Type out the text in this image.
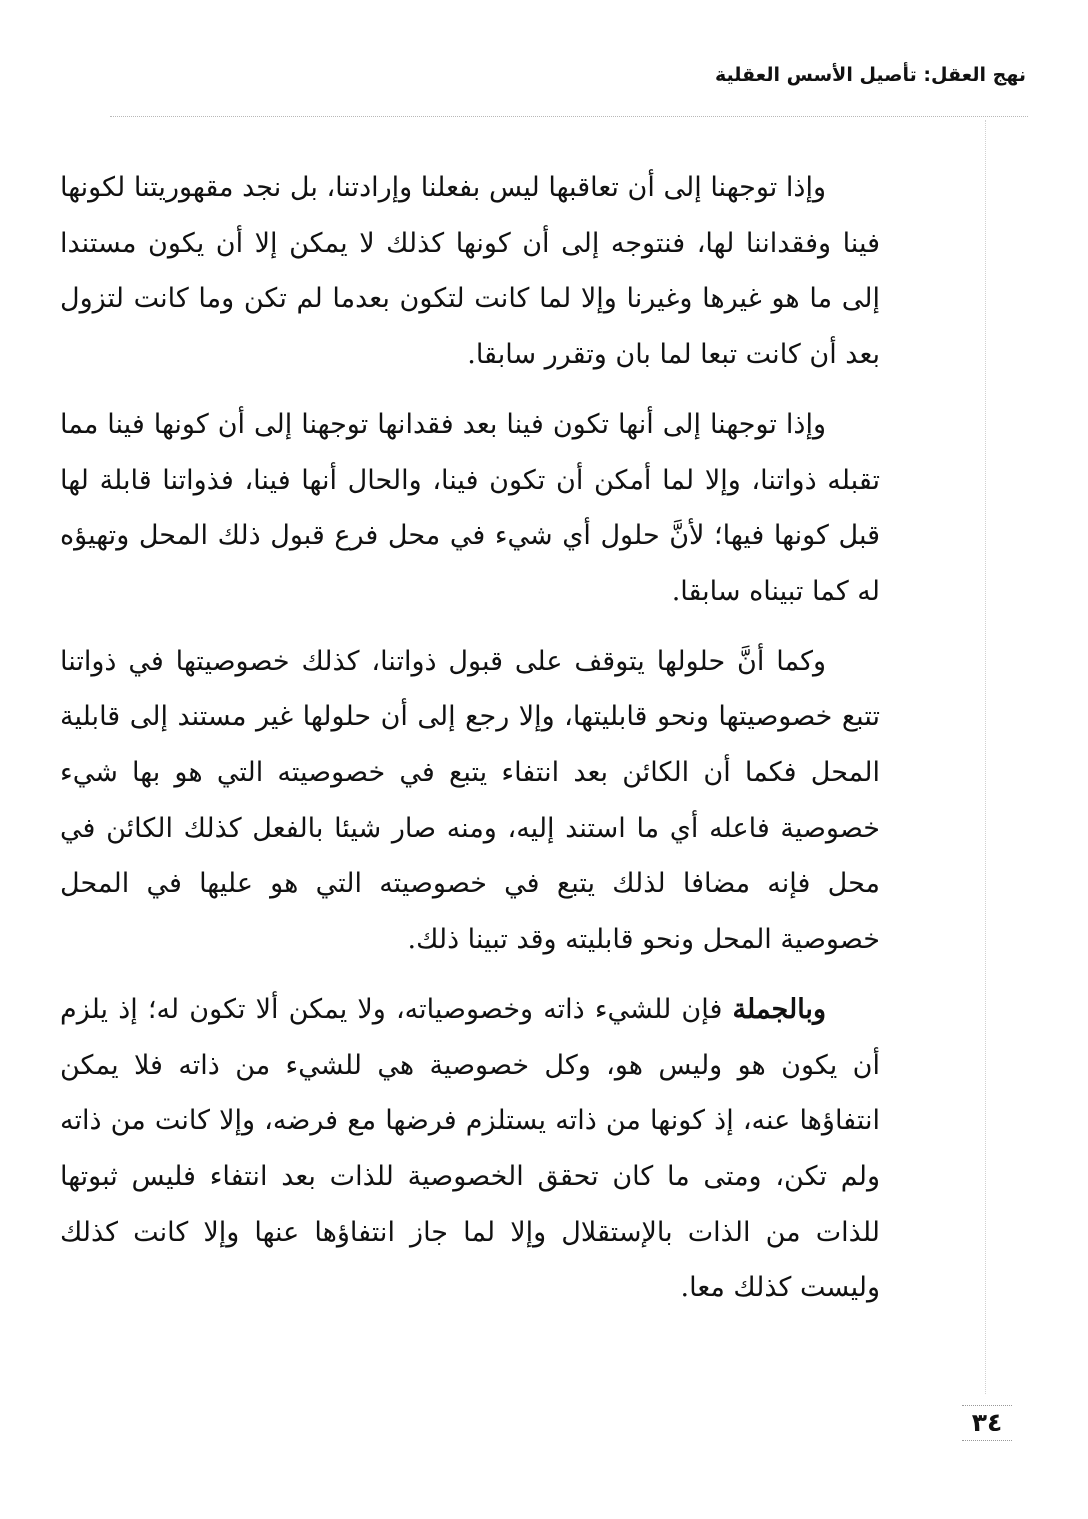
نهج العقل: تأصيل الأسس العقلية

وإذا توجهنا إلى أن تعاقبها ليس بفعلنا وإرادتنا، بل نجد مقهوريتنا لكونها فينا وفقداننا لها، فنتوجه إلى أن كونها كذلك لا يمكن إلا أن يكون مستندا إلى ما هو غيرها وغيرنا وإلا لما كانت لتكون بعدما لم تكن وما كانت لتزول بعد أن كانت تبعا لما بان وتقرر سابقا.

وإذا توجهنا إلى أنها تكون فينا بعد فقدانها توجهنا إلى أن كونها فينا مما تقبله ذواتنا، وإلا لما أمكن أن تكون فينا، والحال أنها فينا، فذواتنا قابلة لها قبل كونها فيها؛ لأنَّ حلول أي شيء في محل فرع قبول ذلك المحل وتهيؤه له كما تبيناه سابقا.

وكما أنَّ حلولها يتوقف على قبول ذواتنا، كذلك خصوصيتها في ذواتنا تتبع خصوصيتها ونحو قابليتها، وإلا رجع إلى أن حلولها غير مستند إلى قابلية المحل فكما أن الكائن بعد انتفاء يتبع في خصوصيته التي هو بها شيء خصوصية فاعله أي ما استند إليه، ومنه صار شيئا بالفعل كذلك الكائن في محل فإنه مضافا لذلك يتبع في خصوصيته التي هو عليها في المحل خصوصية المحل ونحو قابليته وقد تبينا ذلك.

وبالجملة فإن للشيء ذاته وخصوصياته، ولا يمكن ألا تكون له؛ إذ يلزم أن يكون هو وليس هو، وكل خصوصية هي للشيء من ذاته فلا يمكن انتفاؤها عنه، إذ كونها من ذاته يستلزم فرضها مع فرضه، وإلا كانت من ذاته ولم تكن، ومتى ما كان تحقق الخصوصية للذات بعد انتفاء فليس ثبوتها للذات من الذات بالإستقلال وإلا لما جاز انتفاؤها عنها وإلا كانت كذلك وليست كذلك معا.

٣٤
